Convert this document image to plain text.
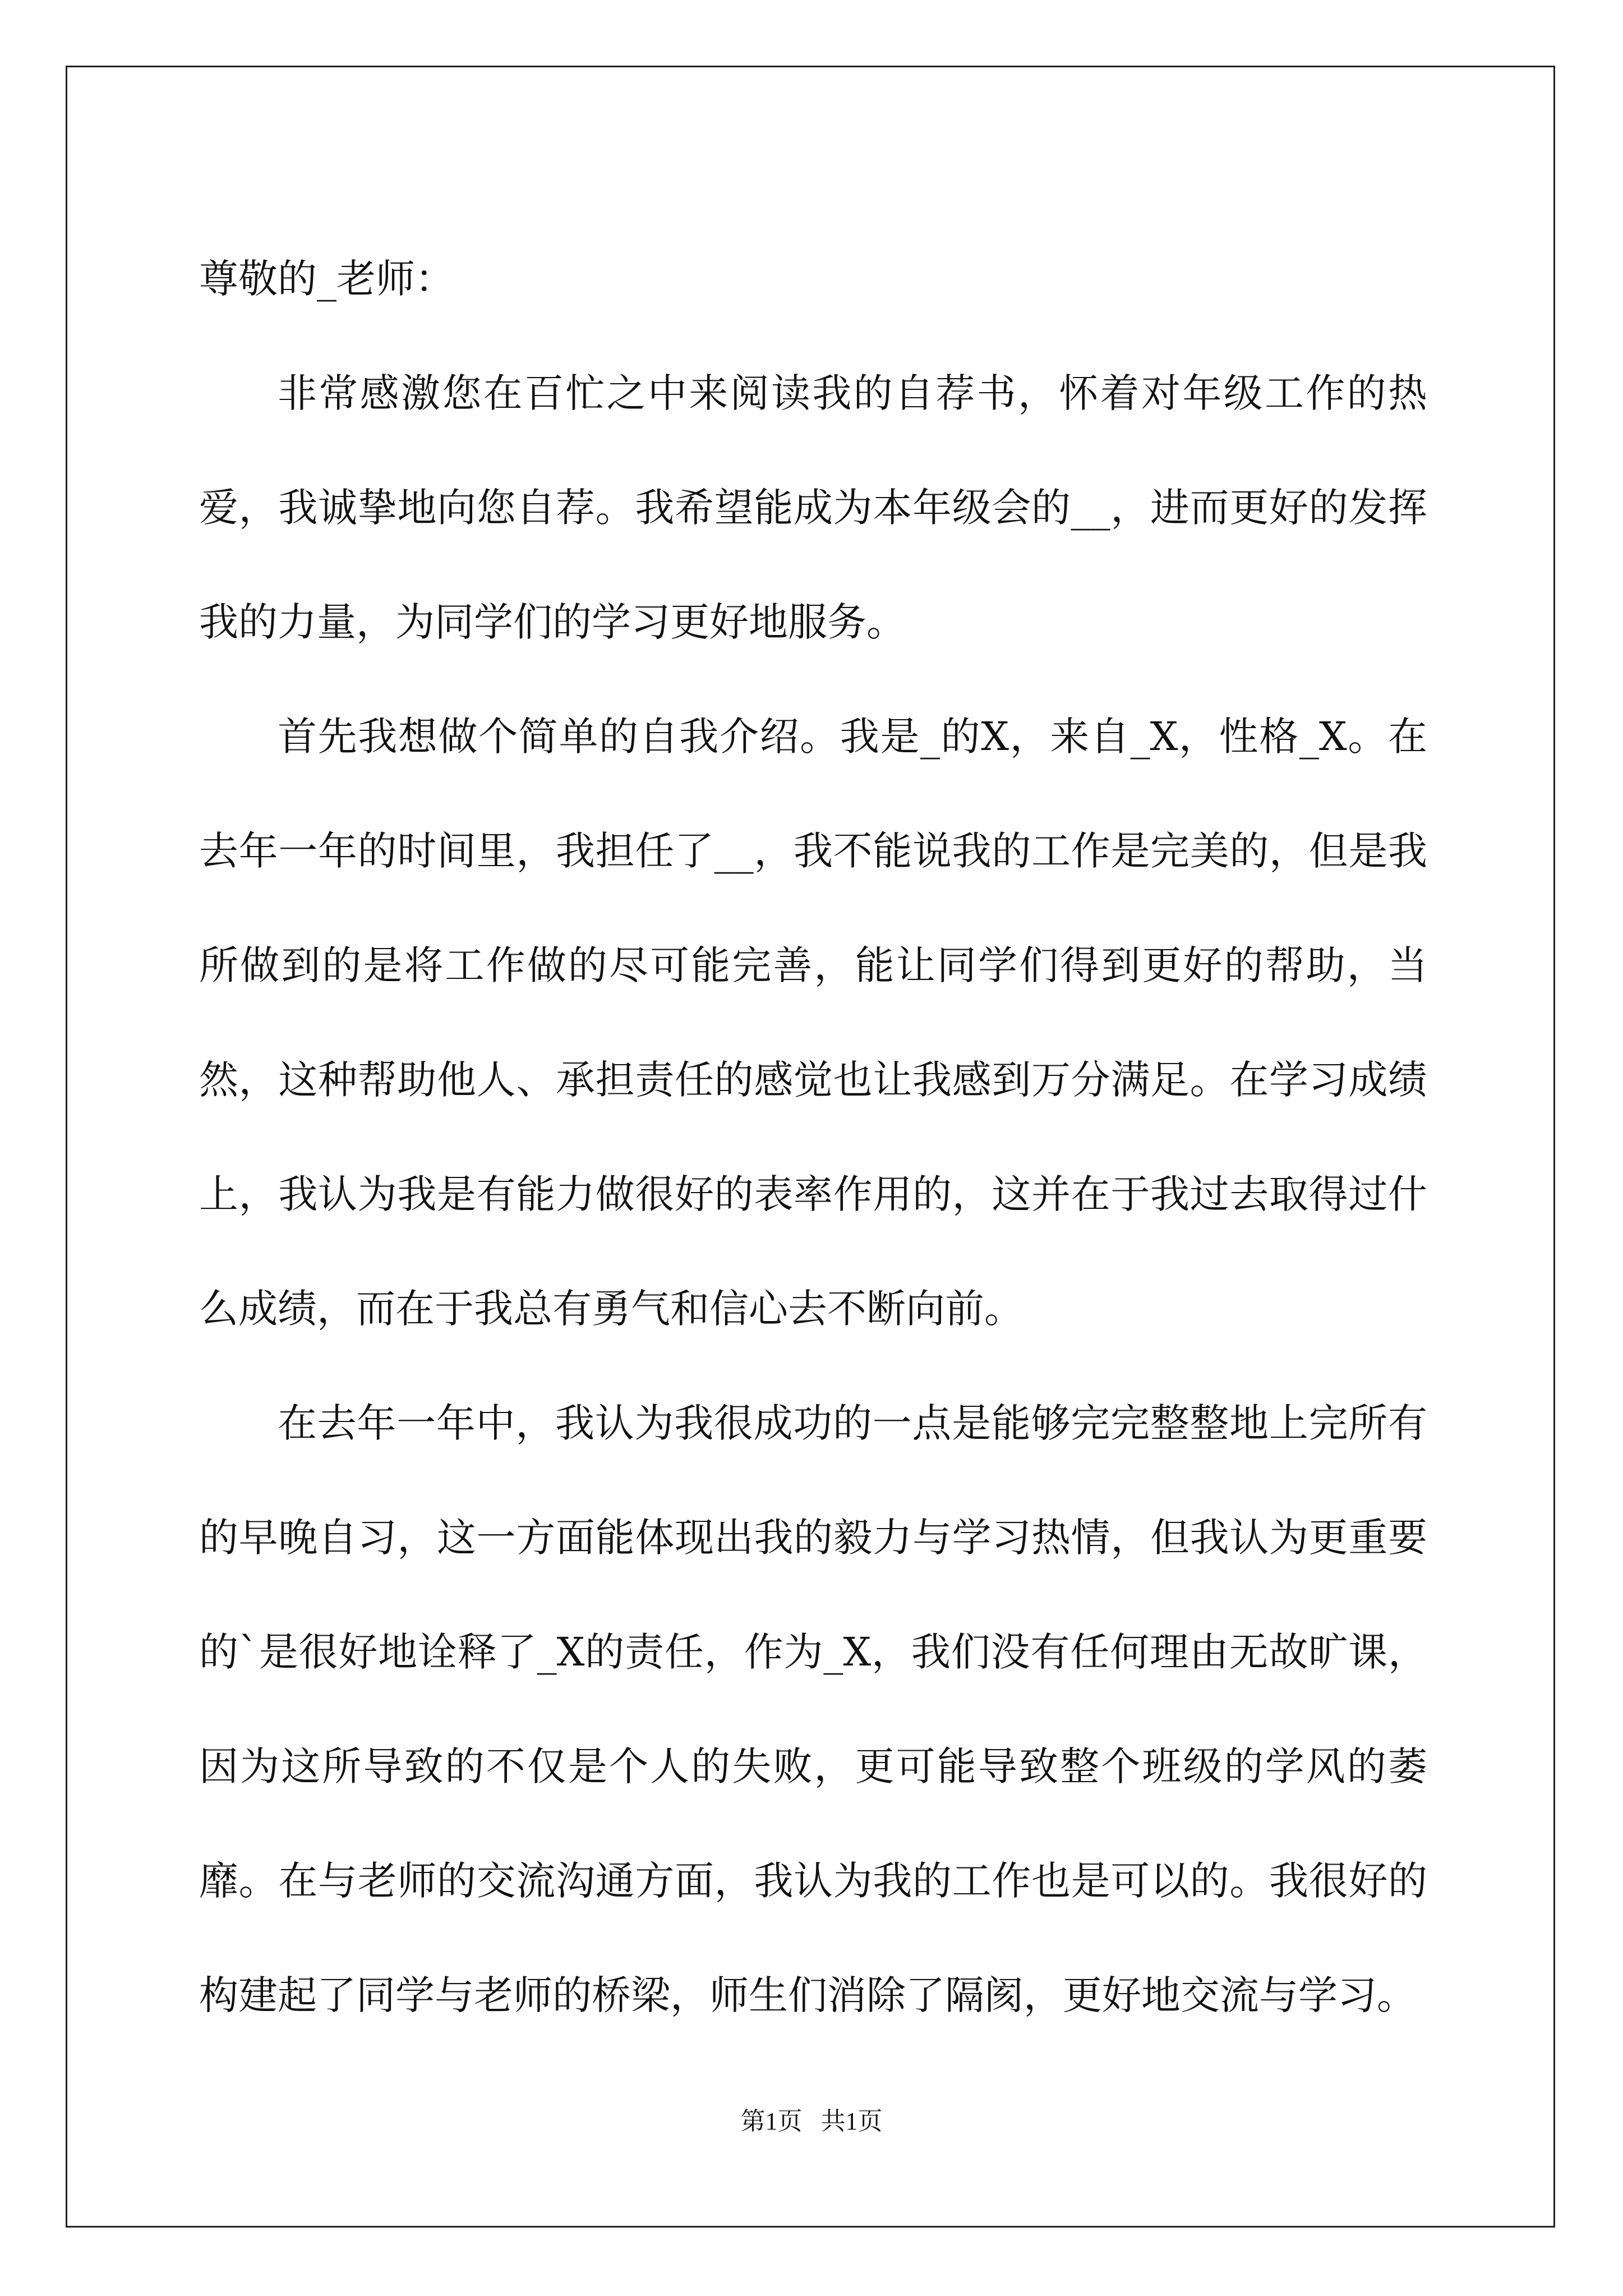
尊敬的_老师：

非常感激您在百忙之中来阅读我的自荐书，怀着对年级工作的热爱，我诚挚地向您自荐。我希望能成为本年级会的__，进而更好的发挥我的力量，为同学们的学习更好地服务。

首先我想做个简单的自我介绍。我是_的X，来自_X，性格_X。在去年一年的时间里，我担任了__，我不能说我的工作是完美的，但是我所做到的是将工作做的尽可能完善，能让同学们得到更好的帮助，当然，这种帮助他人、承担责任的感觉也让我感到万分满足。在学习成绩上，我认为我是有能力做很好的表率作用的，这并在于我过去取得过什么成绩，而在于我总有勇气和信心去不断向前。

在去年一年中，我认为我很成功的一点是能够完完整整地上完所有的早晚自习，这一方面能体现出我的毅力与学习热情，但我认为更重要的`是很好地诠释了_X的责任，作为_X，我们没有任何理由无故旷课，因为这所导致的不仅是个人的失败，更可能导致整个班级的学风的萎靡。在与老师的交流沟通方面，我认为我的工作也是可以的。我很好的构建起了同学与老师的桥梁，师生们消除了隔阂，更好地交流与学习。

第1页 共1页
